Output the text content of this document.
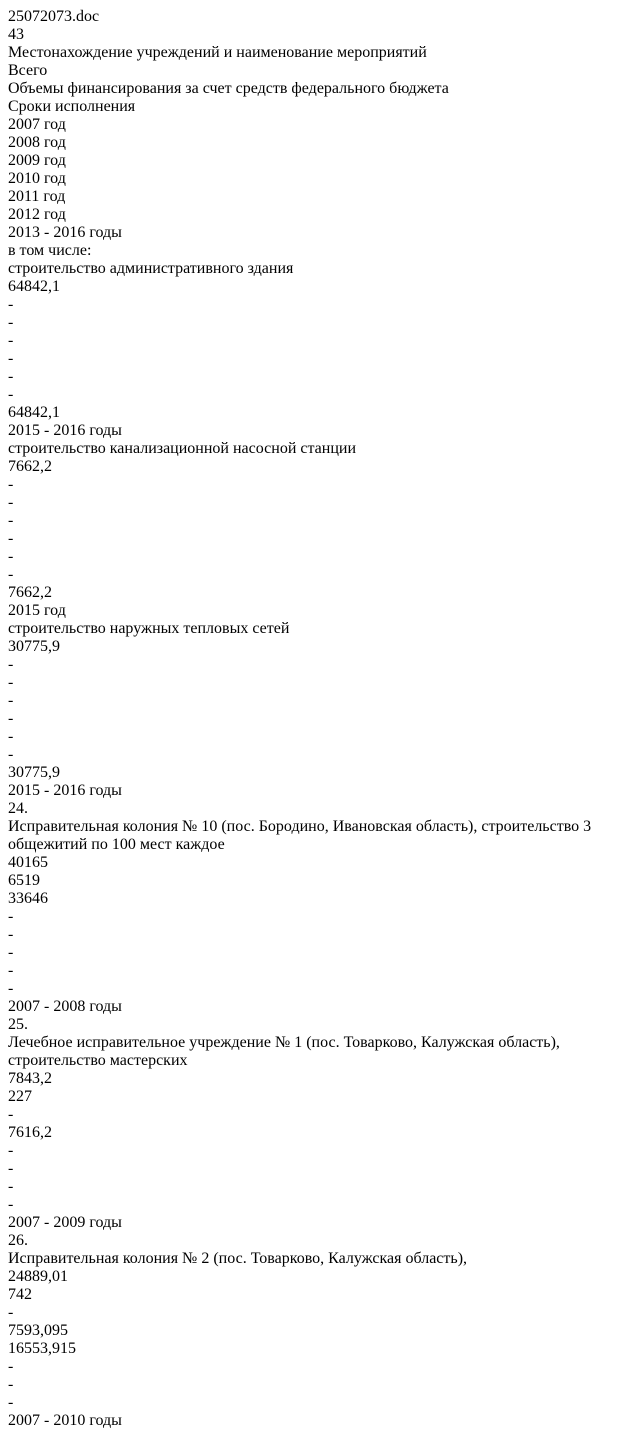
25072073.doc
43
Местонахождение учреждений и наименование мероприятий
Всего
Объемы финансирования за счет средств федерального бюджета
Сроки исполнения
2007 год
2008 год
2009 год
2010 год
2011 год
2012 год
2013 - 2016 годы
в том числе:
строительство административного здания
64842,1
-
-
-
-
-
-
64842,1
2015 - 2016 годы
строительство канализационной насосной станции
7662,2
-
-
-
-
-
-
7662,2
2015 год
строительство наружных тепловых сетей
30775,9
-
-
-
-
-
-
30775,9
2015 - 2016 годы
24.
Исправительная колония № 10 (пос. Бородино, Ивановская область), строительство 3 общежитий по 100 мест каждое
40165
6519
33646
-
-
-
-
-
2007 - 2008 годы
25.
Лечебное исправительное учреждение № 1 (пос. Товарково, Калужская область), строительство мастерских
7843,2
227
-
7616,2
-
-
-
-
2007 - 2009 годы
26.
Исправительная колония № 2 (пос. Товарково, Калужская область),
24889,01
742
-
7593,095
16553,915
-
-
-
2007 - 2010 годы
